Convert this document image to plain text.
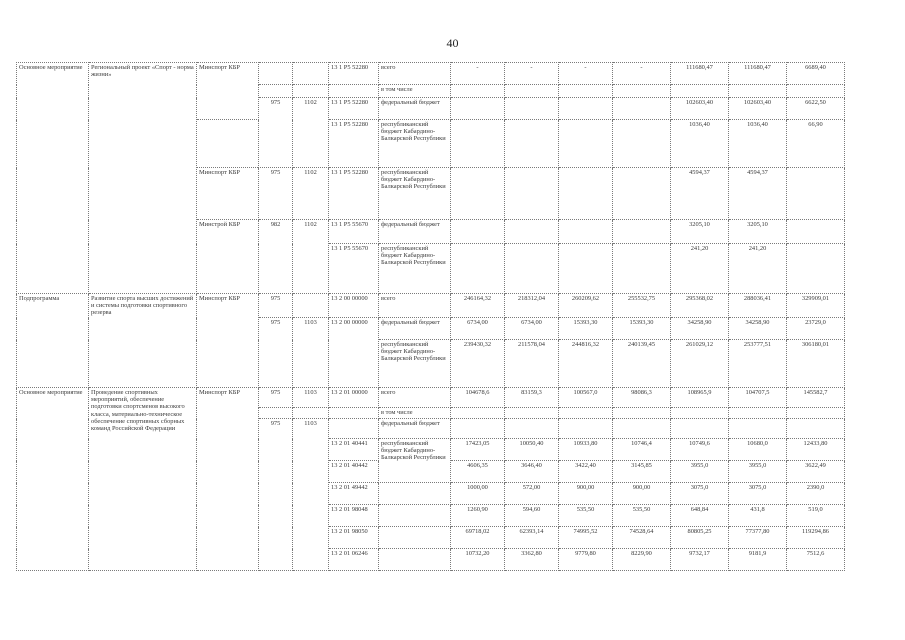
40
Основное мероприятие	Региональный проект «Спорт - норма жизни»	Минспорт КБР			13 1 P5 52280	всего	-	-	-	-	111680,47	111680,47	6689,40
						в том числе							
			975	1102	13 1 P5 52280	федеральный бюджет					102603,40	102603,40	6622,50
					13 1 P5 52280	республиканский бюджет Кабардино-Балкарской Республики					1036,40	1036,40	66,90
		Минспорт КБР	975	1102	13 1 P5 52280	республиканский бюджет Кабардино-Балкарской Республики					4594,37	4594,37	
		Минстрой КБР	982	1102	13 1 P5 55670	федеральный бюджет					3205,10	3205,10	
					13 1 P5 55670	республиканский бюджет Кабардино-Балкарской Республики					241,20	241,20	
Подпрограмма	Развитие спорта высших достижений и системы подготовки спортивного резерва	Минспорт КБР	975		13 2 00 00000	всего	246164,32	218312,04	260209,62	255532,75	295368,02	288036,41	329909,01
			975	1103	13 2 00 00000	федеральный бюджет	6734,00	6734,00	15393,30	15393,30	34258,90	34258,90	23729,0
						республиканский бюджет Кабардино-Балкарской Республики	239430,32	211578,04	244816,32	240139,45	261029,12	253777,51	306180,01
Основное мероприятие	Проведение спортивных мероприятий, обеспечение подготовки спортсменов высокого класса, материально-техническое обеспечение спортивных сборных команд Российской Федерации	Минспорт КБР	975	1103	13 2 01 00000	всего	104678,6	83159,3	100567,0	98086,3	108965,9	104707,5	145582,7
						в том числе							
			975	1103		федеральный бюджет							
					13 2 01 40441	республиканский бюджет Кабардино-Балкарской Республики	17423,05	10050,40	10933,80	10746,4	10749,6	10680,0	12433,80
					13 2 01 40442		4606,35	3646,40	3422,40	3145,85	3955,0	3955,0	3622,49
					13 2 01 49442		1000,00	572,00	900,00	900,00	3075,0	3075,0	2390,0
					13 2 01 98048		1260,90	594,60	535,50	535,50	648,84	431,8	519,0
					13 2 01 98050		69718,02	62393,14	74995,52	74528,64	80805,25	77377,80	119294,86
					13 2 01 06246		10732,20	3362,80	9779,80	8229,90	9732,17	9181,9	7512,6
